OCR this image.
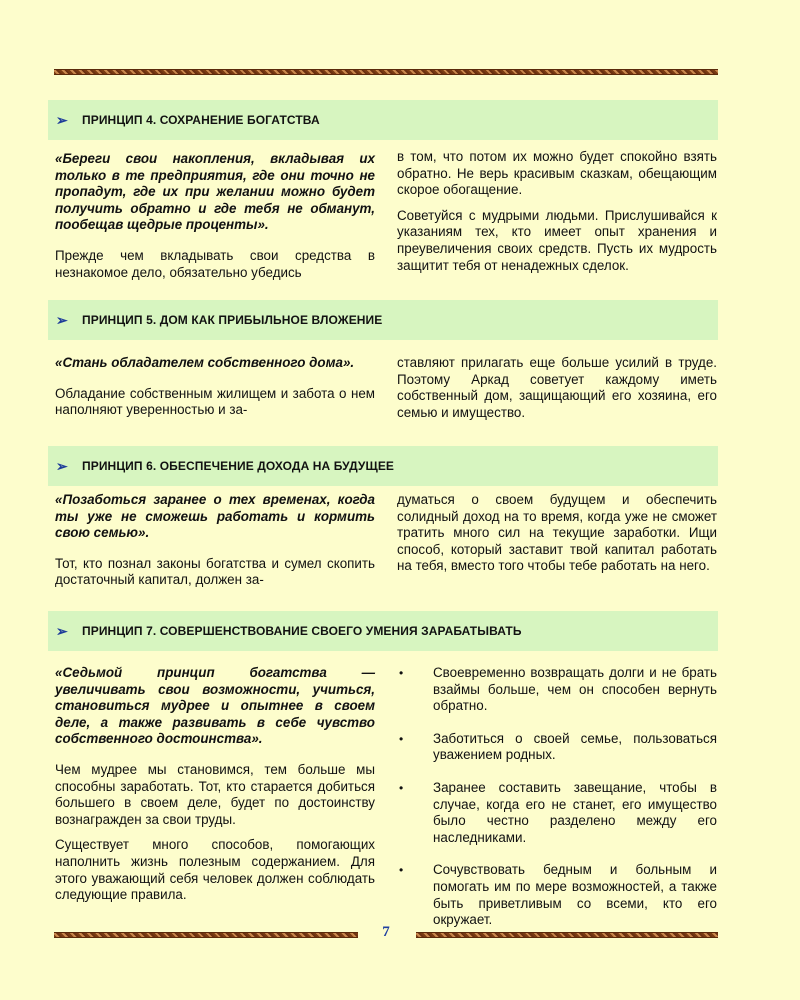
➢	ПРИНЦИП 4. СОХРАНЕНИЕ БОГАТСТВА

«Береги свои накопления, вкладывая их только в те предприятия, где они точно не пропадут, где их при желании можно будет получить обратно и где тебя не обманут, пообещав щедрые проценты».

Прежде чем вкладывать свои средства в незнакомое дело, обязательно убедись

в том, что потом их можно будет спокойно взять обратно. Не верь красивым сказкам, обещающим скорое обогащение.

Советуйся с мудрыми людьми. Прислушивайся к указаниям тех, кто имеет опыт хранения и преувеличения своих средств. Пусть их мудрость защитит тебя от ненадежных сделок.

➢	ПРИНЦИП 5. ДОМ КАК ПРИБЫЛЬНОЕ ВЛОЖЕНИЕ

«Стань обладателем собственного дома».

Обладание собственным жилищем и забота о нем наполняют уверенностью и за-

ставляют прилагать еще больше усилий в труде. Поэтому Аркад советует каждому иметь собственный дом, защищающий его хозяина, его семью и имущество.

➢	ПРИНЦИП 6. ОБЕСПЕЧЕНИЕ ДОХОДА НА БУДУЩЕЕ

«Позаботься заранее о тех временах, когда ты уже не сможешь работать и кормить свою семью».

Тот, кто познал законы богатства и сумел скопить достаточный капитал, должен за-

думаться о своем будущем и обеспечить солидный доход на то время, когда уже не сможет тратить много сил на текущие заработки. Ищи способ, который заставит твой капитал работать на тебя, вместо того чтобы тебе работать на него.

➢	ПРИНЦИП 7. СОВЕРШЕНСТВОВАНИЕ СВОЕГО УМЕНИЯ ЗАРАБАТЫВАТЬ

«Седьмой принцип богатства — увеличивать свои возможности, учиться, становиться мудрее и опытнее в своем деле, а также развивать в себе чувство собственного достоинства».

Чем мудрее мы становимся, тем больше мы способны заработать. Тот, кто старается добиться большего в своем деле, будет по достоинству вознагражден за свои труды.

Существует много способов, помогающих наполнить жизнь полезным содержанием. Для этого уважающий себя человек должен соблюдать следующие правила.

• Своевременно возвращать долги и не брать взаймы больше, чем он способен вернуть обратно.
• Заботиться о своей семье, пользоваться уважением родных.
• Заранее составить завещание, чтобы в случае, когда его не станет, его имущество было честно разделено между его наследниками.
• Сочувствовать бедным и больным и помогать им по мере возможностей, а также быть приветливым со всеми, кто его окружает.
7
